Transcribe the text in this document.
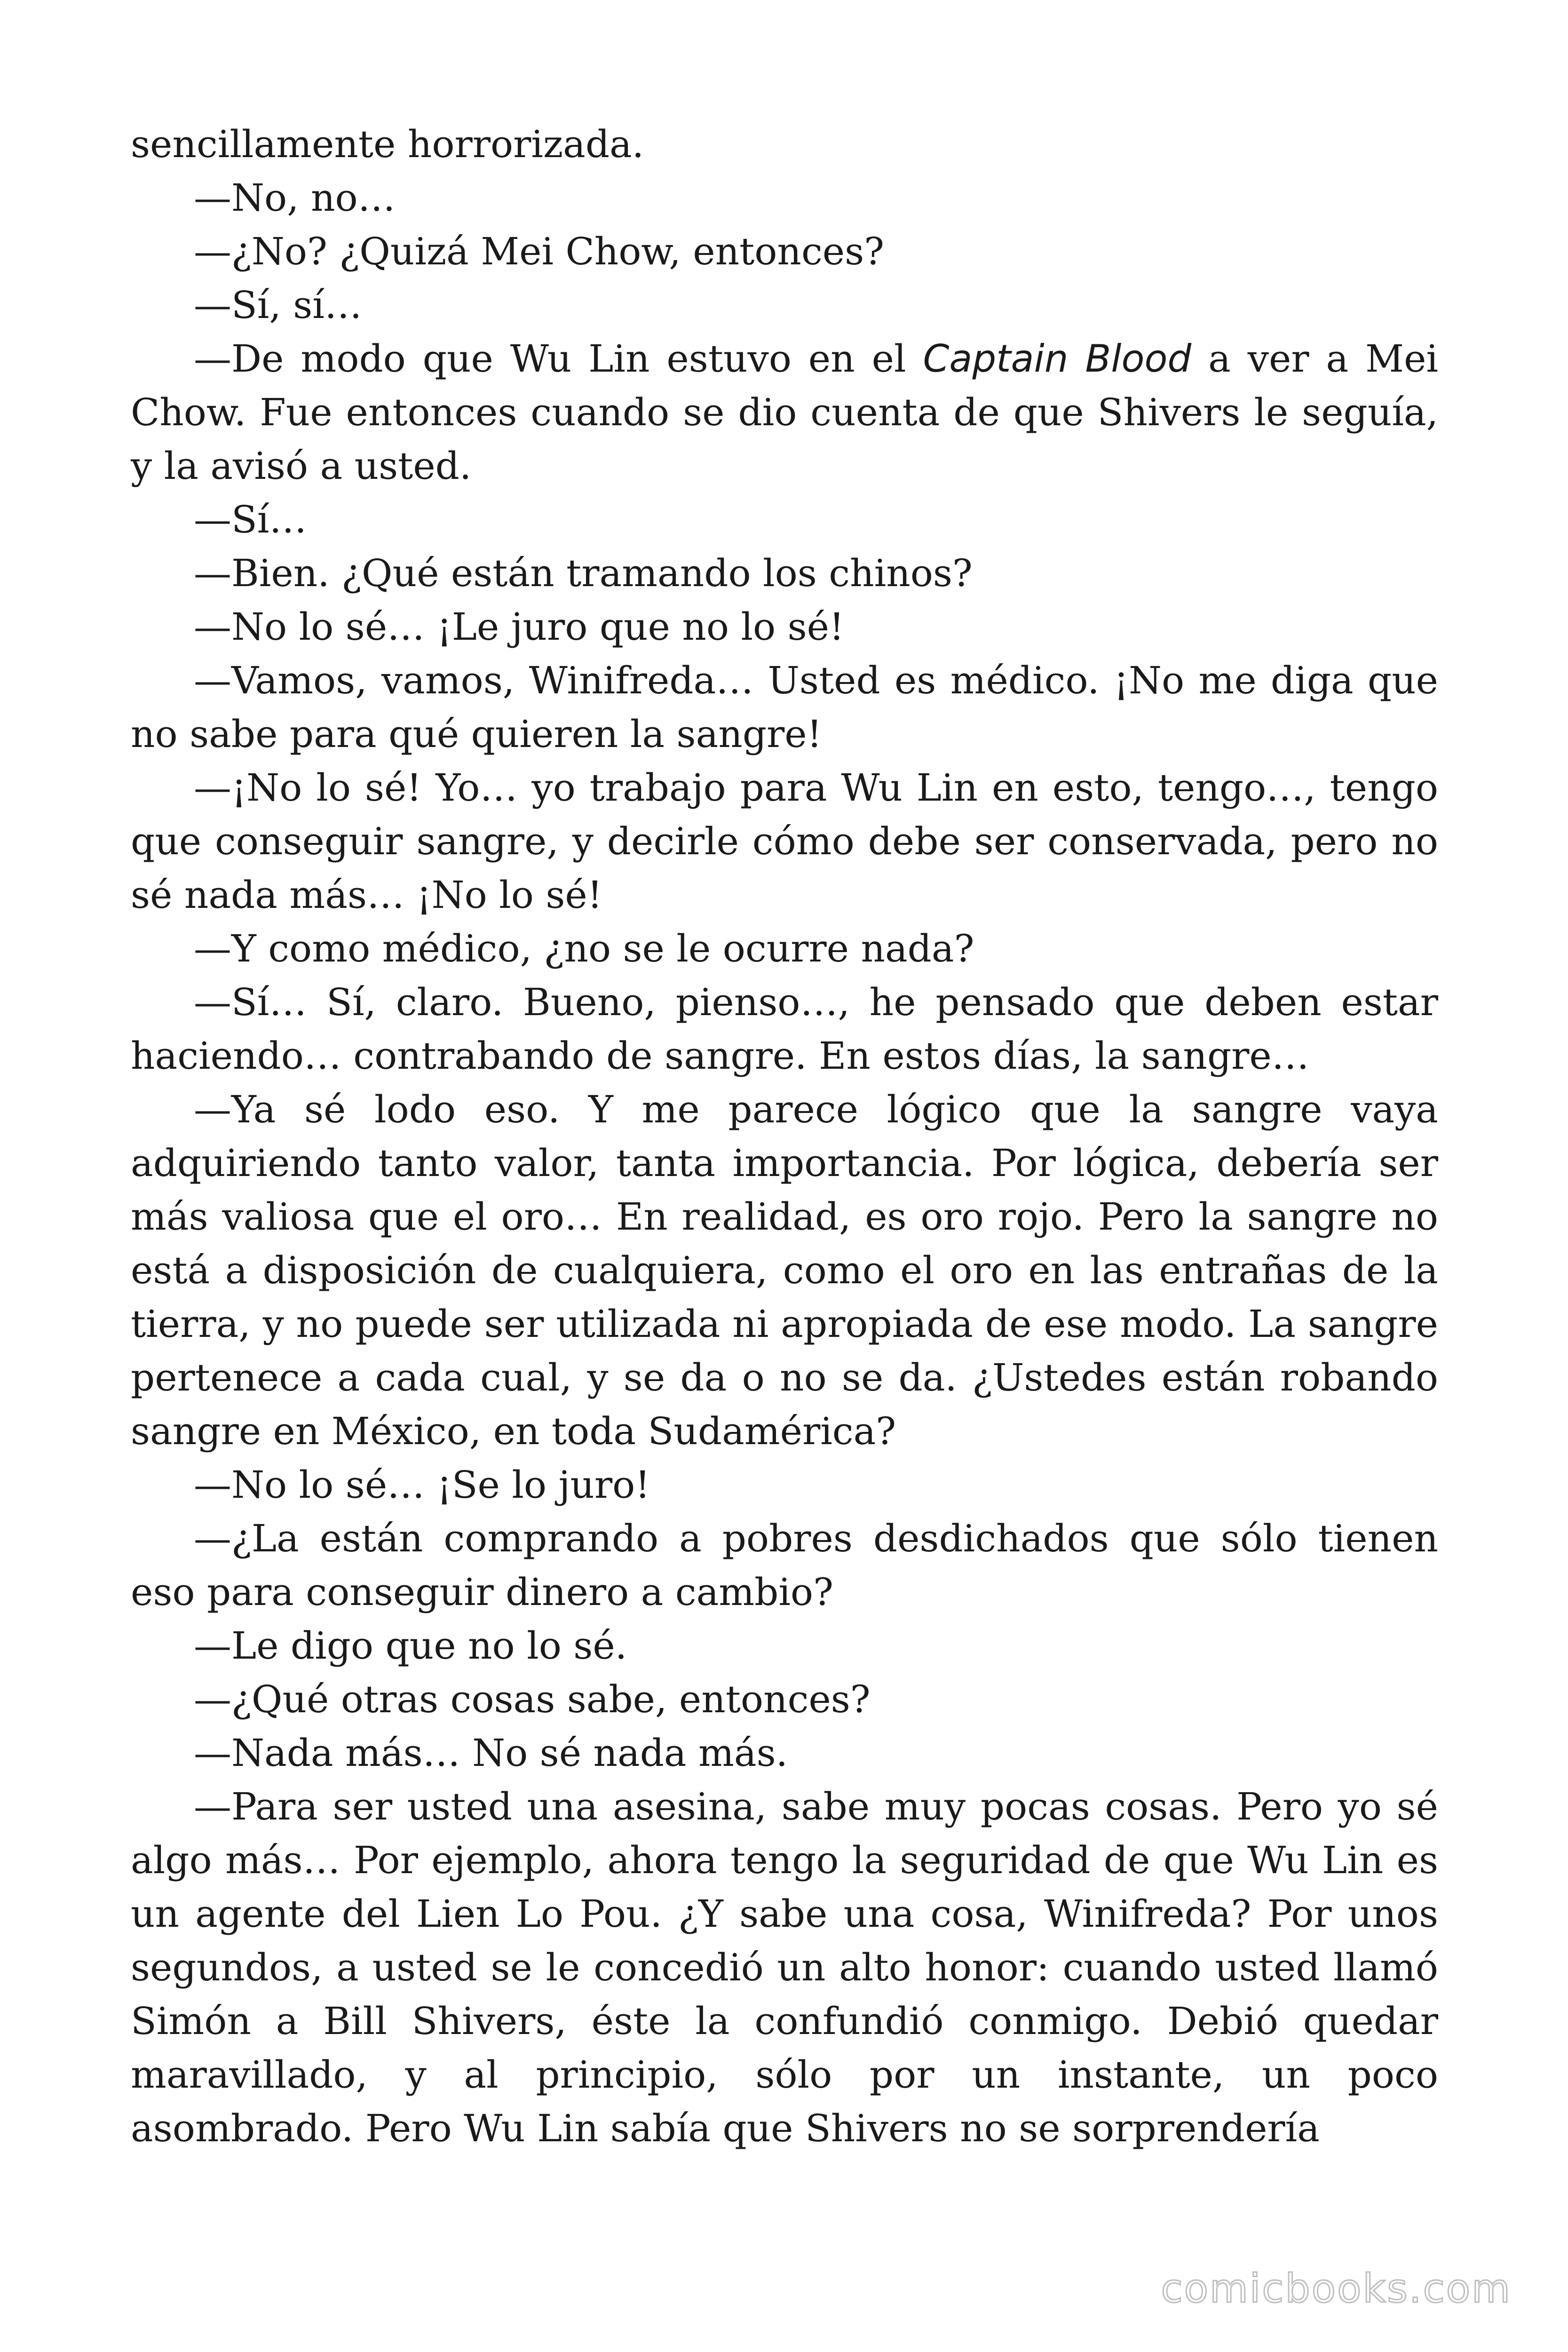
sencillamente horrorizada.

—No, no…

—¿No? ¿Quizá Mei Chow, entonces?

—Sí, sí…

—De modo que Wu Lin estuvo en el Captain Blood a ver a Mei Chow. Fue entonces cuando se dio cuenta de que Shivers le seguía, y la avisó a usted.

—Sí…

—Bien. ¿Qué están tramando los chinos?

—No lo sé… ¡Le juro que no lo sé!

—Vamos, vamos, Winifreda… Usted es médico. ¡No me diga que no sabe para qué quieren la sangre!

—¡No lo sé! Yo… yo trabajo para Wu Lin en esto, tengo…, tengo que conseguir sangre, y decirle cómo debe ser conservada, pero no sé nada más… ¡No lo sé!

—Y como médico, ¿no se le ocurre nada?

—Sí… Sí, claro. Bueno, pienso…, he pensado que deben estar haciendo… contrabando de sangre. En estos días, la sangre…

—Ya sé lodo eso. Y me parece lógico que la sangre vaya adquiriendo tanto valor, tanta importancia. Por lógica, debería ser más valiosa que el oro… En realidad, es oro rojo. Pero la sangre no está a disposición de cualquiera, como el oro en las entrañas de la tierra, y no puede ser utilizada ni apropiada de ese modo. La sangre pertenece a cada cual, y se da o no se da. ¿Ustedes están robando sangre en México, en toda Sudamérica?

—No lo sé… ¡Se lo juro!

—¿La están comprando a pobres desdichados que sólo tienen eso para conseguir dinero a cambio?

—Le digo que no lo sé.

—¿Qué otras cosas sabe, entonces?

—Nada más… No sé nada más.

—Para ser usted una asesina, sabe muy pocas cosas. Pero yo sé algo más… Por ejemplo, ahora tengo la seguridad de que Wu Lin es un agente del Lien Lo Pou. ¿Y sabe una cosa, Winifreda? Por unos segundos, a usted se le concedió un alto honor: cuando usted llamó Simón a Bill Shivers, éste la confundió conmigo. Debió quedar maravillado, y al principio, sólo por un instante, un poco asombrado. Pero Wu Lin sabía que Shivers no se sorprendería

comicbooks.com
